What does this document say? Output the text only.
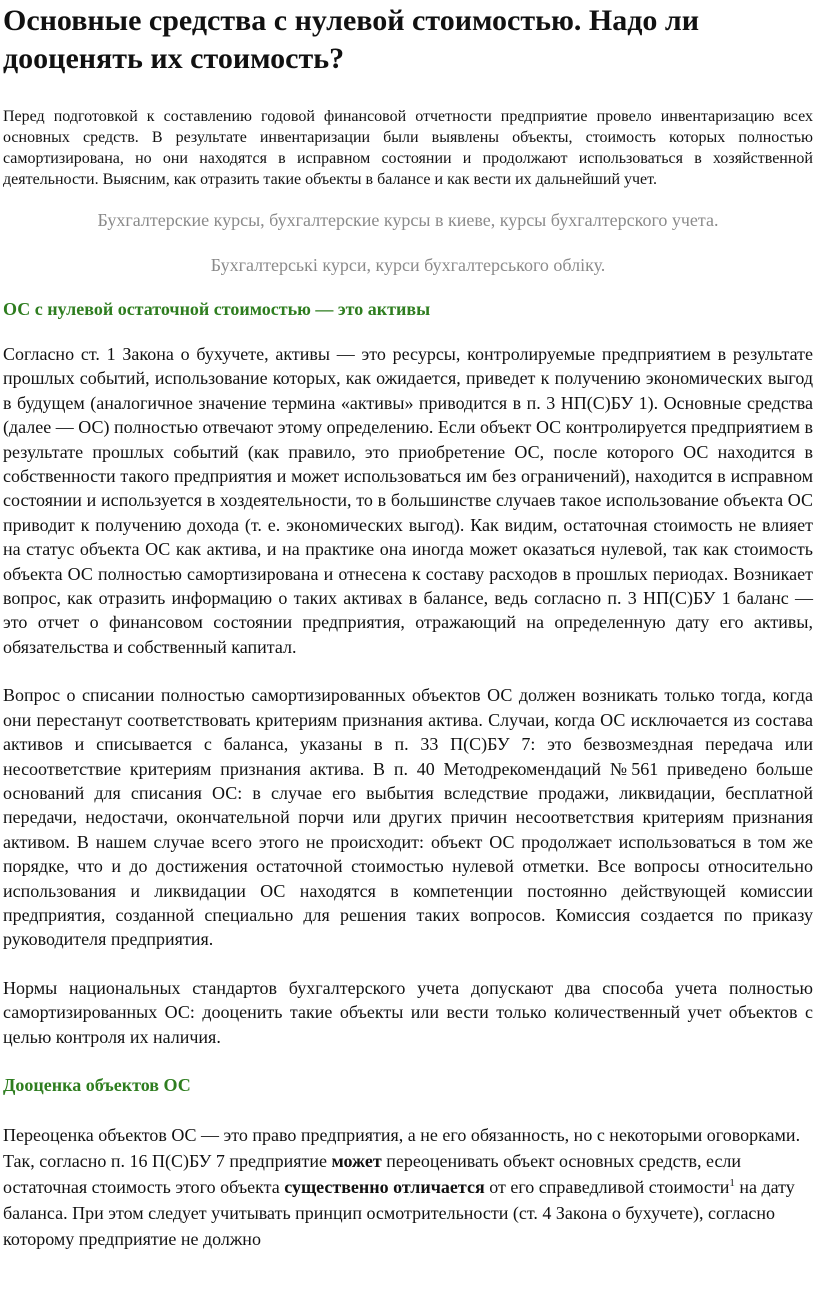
Основные средства с нулевой стоимостью. Надо ли дооценять их стоимость?

Перед подготовкой к составлению годовой финансовой отчетности предприятие провело инвентаризацию всех основных средств. В результате инвентаризации были выявлены объекты, стоимость которых полностью самортизирована, но они находятся в исправном состоянии и продолжают использоваться в хозяйственной деятельности. Выясним, как отразить такие объекты в балансе и как вести их дальнейший учет.

Бухгалтерские курсы, бухгалтерские курсы в киеве, курсы бухгалтерского учета.

Бухгалтерські курси, курси бухгалтерського обліку.

ОС с нулевой остаточной стоимостью — это активы

Согласно ст. 1 Закона о бухучете, активы — это ресурсы, контролируемые предприятием в результате прошлых событий, использование которых, как ожидается, приведет к получению экономических выгод в будущем (аналогичное значение термина «активы» приводится в п. 3 НП(С)БУ 1). Основные средства (далее — ОС) полностью отвечают этому определению. Если объект ОС контролируется предприятием в результате прошлых событий (как правило, это приобретение ОС, после которого ОС находится в собственности такого предприятия и может использоваться им без ограничений), находится в исправном состоянии и используется в хоздеятельности, то в большинстве случаев такое использование объекта ОС приводит к получению дохода (т. е. экономических выгод). Как видим, остаточная стоимость не влияет на статус объекта ОС как актива, и на практике она иногда может оказаться нулевой, так как стоимость объекта ОС полностью самортизирована и отнесена к составу расходов в прошлых периодах. Возникает вопрос, как отразить информацию о таких активах в балансе, ведь согласно п. 3 НП(С)БУ 1 баланс — это отчет о финансовом состоянии предприятия, отражающий на определенную дату его активы, обязательства и собственный капитал.

Вопрос о списании полностью самортизированных объектов ОС должен возникать только тогда, когда они перестанут соответствовать критериям признания актива. Случаи, когда ОС исключается из состава активов и списывается с баланса, указаны в п. 33 П(С)БУ 7: это безвозмездная передача или несоответствие критериям признания актива. В п. 40 Методрекомендаций №561 приведено больше оснований для списания ОС: в случае его выбытия вследствие продажи, ликвидации, бесплатной передачи, недостачи, окончательной порчи или других причин несоответствия критериям признания активом. В нашем случае всего этого не происходит: объект ОС продолжает использоваться в том же порядке, что и до достижения остаточной стоимостью нулевой отметки. Все вопросы относительно использования и ликвидации ОС находятся в компетенции постоянно действующей комиссии предприятия, созданной специально для решения таких вопросов. Комиссия создается по приказу руководителя предприятия.

Нормы национальных стандартов бухгалтерского учета допускают два способа учета полностью самортизированных ОС: дооценить такие объекты или вести только количественный учет объектов с целью контроля их наличия.

Дооценка объектов ОС

Переоценка объектов ОС — это право предприятия, а не его обязанность, но с некоторыми оговорками. Так, согласно п. 16 П(С)БУ 7 предприятие может переоценивать объект основных средств, если остаточная стоимость этого объекта существенно отличается от его справедливой стоимости$^1$ на дату баланса. При этом следует учитывать принцип осмотрительности (ст. 4 Закона о бухучете), согласно которому предприятие не должно
